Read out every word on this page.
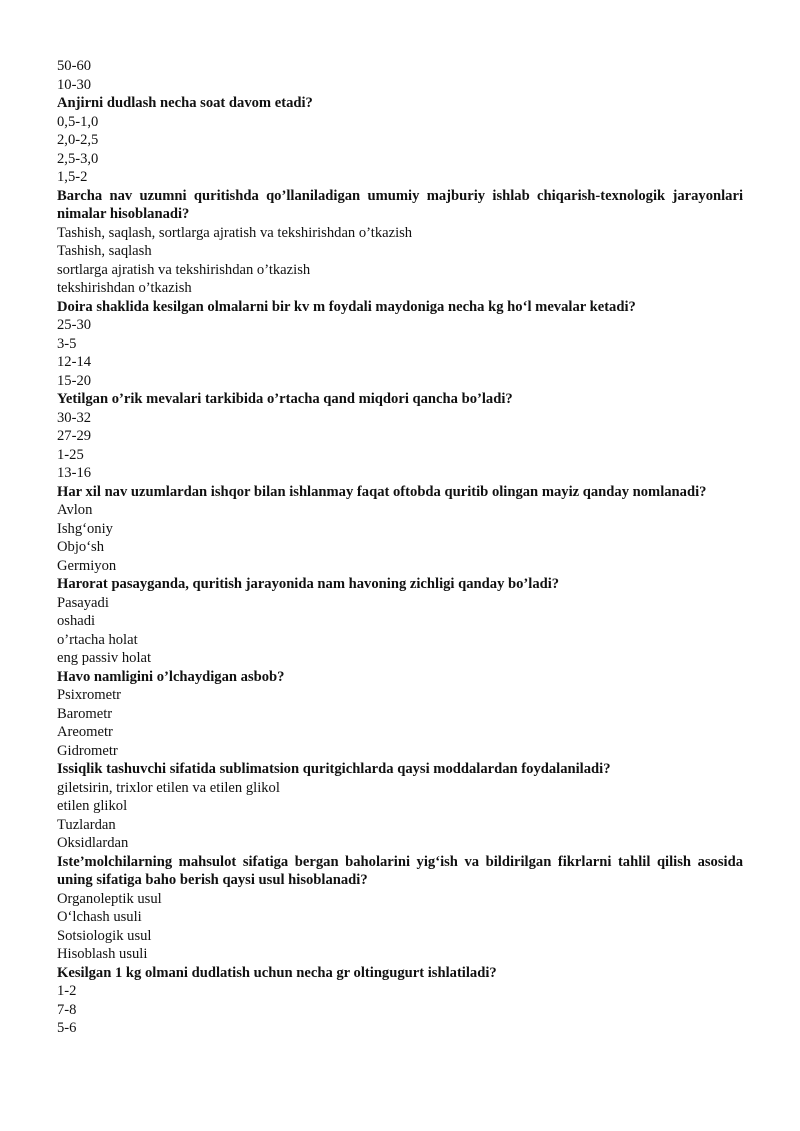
50-60

10-30

Anjirni dudlash necha soat davom etadi?

0,5-1,0

2,0-2,5

2,5-3,0

1,5-2

Barcha nav uzumni quritishda qo’llaniladigan umumiy majburiy ishlab chiqarish-texnologik jarayonlari nimalar hisoblanadi?

Tashish, saqlash, sortlarga ajratish va tekshirishdan o’tkazish

Tashish, saqlash

sortlarga ajratish va tekshirishdan o’tkazish

tekshirishdan o’tkazish

Doira shaklida kesilgan olmalarni bir kv m foydali maydoniga necha kg ho‘l mevalar ketadi?

25-30

3-5

12-14

15-20

Yetilgan o’rik mevalari tarkibida o’rtacha qand miqdori qancha bo’ladi?

30-32

27-29

1-25

13-16

Har xil nav uzumlardan ishqor bilan ishlanmay faqat oftobda quritib olingan mayiz qanday nomlanadi?

Avlon

Ishg‘oniy

Objo‘sh

Germiyon

Harorat pasayganda, quritish jarayonida nam havoning zichligi qanday bo’ladi?

Pasayadi

oshadi

o’rtacha holat

eng passiv holat

Havo namligini o’lchaydigan asbob?

Psixrometr

Barometr

Areometr

Gidrometr

Issiqlik tashuvchi sifatida sublimatsion quritgichlarda qaysi moddalardan foydalaniladi?

giletsirin, trixlor etilen va etilen glikol

etilen glikol

Tuzlardan

Oksidlardan

Iste’molchilarning mahsulot sifatiga bergan baholarini yig‘ish va bildirilgan fikrlarni tahlil qilish asosida uning sifatiga baho berish qaysi usul hisoblanadi?

Organoleptik usul

O‘lchash usuli

Sotsiologik usul

Hisoblash usuli

Kesilgan 1 kg olmani dudlatish uchun necha gr oltingugurt ishlatiladi?

1-2

7-8

5-6
